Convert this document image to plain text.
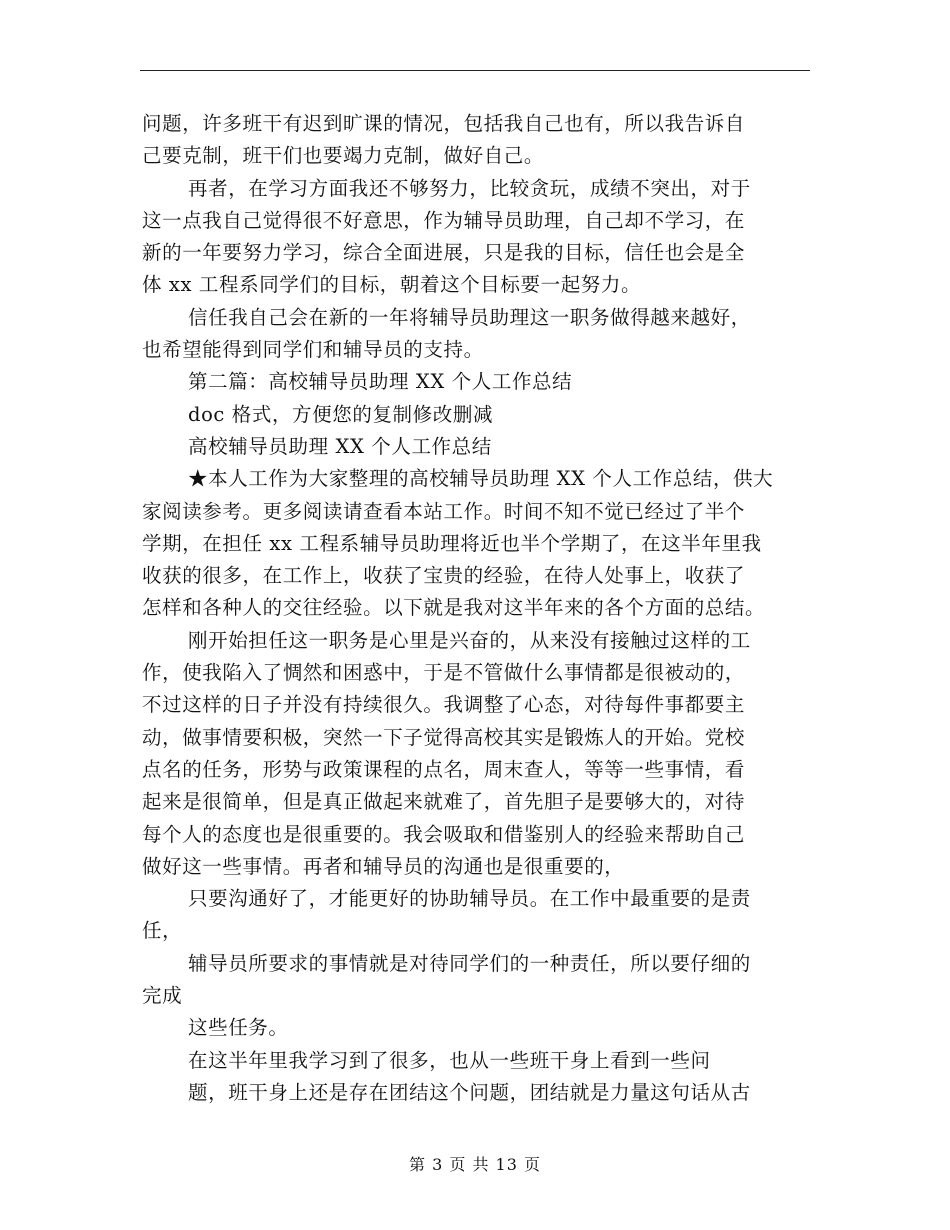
问题，许多班干有迟到旷课的情况，包括我自己也有，所以我告诉自
己要克制，班干们也要竭力克制，做好自己。
再者，在学习方面我还不够努力，比较贪玩，成绩不突出，对于
这一点我自己觉得很不好意思，作为辅导员助理，自己却不学习，在
新的一年要努力学习，综合全面进展，只是我的目标，信任也会是全
体 xx 工程系同学们的目标，朝着这个目标要一起努力。
信任我自己会在新的一年将辅导员助理这一职务做得越来越好，
也希望能得到同学们和辅导员的支持。
第二篇：高校辅导员助理 XX 个人工作总结
doc 格式，方便您的复制修改删减
高校辅导员助理 XX 个人工作总结
★本人工作为大家整理的高校辅导员助理 XX 个人工作总结，供大
家阅读参考。更多阅读请查看本站工作。时间不知不觉已经过了半个
学期，在担任 xx 工程系辅导员助理将近也半个学期了，在这半年里我
收获的很多，在工作上，收获了宝贵的经验，在待人处事上，收获了
怎样和各种人的交往经验。以下就是我对这半年来的各个方面的总结。
刚开始担任这一职务是心里是兴奋的，从来没有接触过这样的工
作，使我陷入了惆然和困惑中，于是不管做什么事情都是很被动的，
不过这样的日子并没有持续很久。我调整了心态，对待每件事都要主
动，做事情要积极，突然一下子觉得高校其实是锻炼人的开始。党校
点名的任务，形势与政策课程的点名，周末查人，等等一些事情，看
起来是很简单，但是真正做起来就难了，首先胆子是要够大的，对待
每个人的态度也是很重要的。我会吸取和借鉴别人的经验来帮助自己
做好这一些事情。再者和辅导员的沟通也是很重要的，
只要沟通好了，才能更好的协助辅导员。在工作中最重要的是责
任，
辅导员所要求的事情就是对待同学们的一种责任，所以要仔细的
完成
这些任务。
在这半年里我学习到了很多，也从一些班干身上看到一些问
题，班干身上还是存在团结这个问题，团结就是力量这句话从古
第 3 页 共 13 页
